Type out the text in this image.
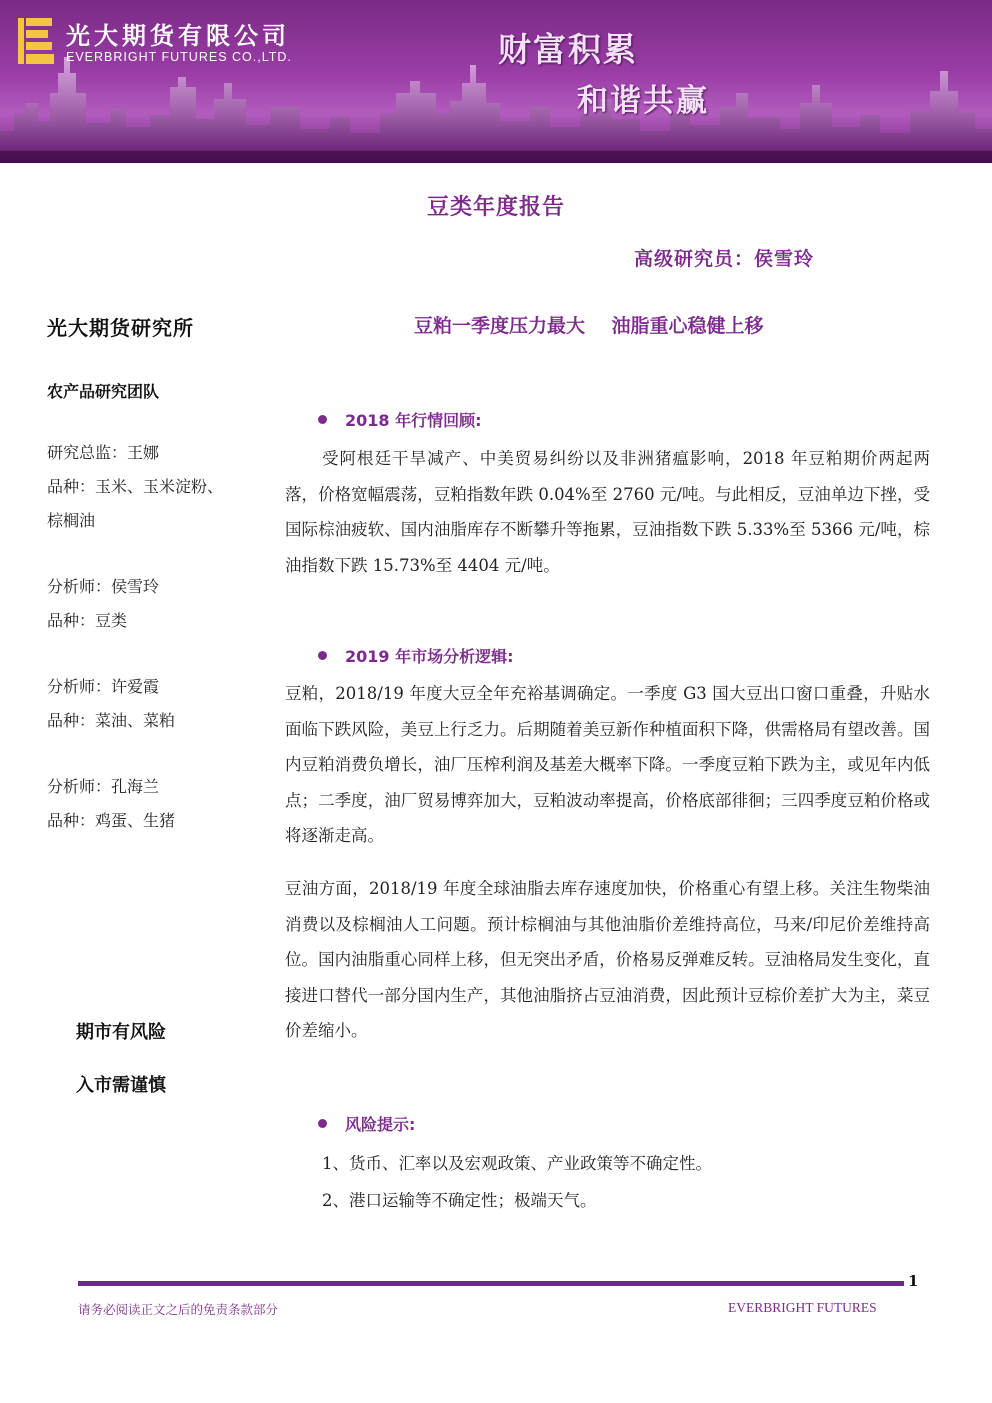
光大期货有限公司
EVERBRIGHT FUTURES CO.,LTD.	财富积累
和谐共赢
豆类年度报告
高级研究员：侯雪玲
豆粕一季度压力最大    油脂重心稳健上移
光大期货研究所
农产品研究团队
研究总监：王娜
品种：玉米、玉米淀粉、
棕榈油
分析师：侯雪玲
品种：豆类
分析师：许爱霞
品种：菜油、菜粕
分析师：孔海兰
品种：鸡蛋、生猪
期市有风险
入市需谨慎
2018 年行情回顾:

受阿根廷干旱减产、中美贸易纠纷以及非洲猪瘟影响，2018 年豆粕期价两起两落，价格宽幅震荡，豆粕指数年跌 0.04%至 2760 元/吨。与此相反，豆油单边下挫，受国际棕油疲软、国内油脂库存不断攀升等拖累，豆油指数下跌 5.33%至 5366 元/吨，棕油指数下跌 15.73%至 4404 元/吨。

2019 年市场分析逻辑:

豆粕，2018/19 年度大豆全年充裕基调确定。一季度 G3 国大豆出口窗口重叠，升贴水面临下跌风险，美豆上行乏力。后期随着美豆新作种植面积下降，供需格局有望改善。国内豆粕消费负增长，油厂压榨利润及基差大概率下降。一季度豆粕下跌为主，或见年内低点；二季度，油厂贸易博弈加大，豆粕波动率提高，价格底部徘徊；三四季度豆粕价格或将逐渐走高。

豆油方面，2018/19 年度全球油脂去库存速度加快，价格重心有望上移。关注生物柴油消费以及棕榈油人工问题。预计棕榈油与其他油脂价差维持高位，马来/印尼价差维持高位。国内油脂重心同样上移，但无突出矛盾，价格易反弹难反转。豆油格局发生变化，直接进口替代一部分国内生产，其他油脂挤占豆油消费，因此预计豆棕价差扩大为主，菜豆价差缩小。

风险提示:
1、货币、汇率以及宏观政策、产业政策等不确定性。
2、港口运输等不确定性；极端天气。
1
请务必阅读正文之后的免责条款部分	EVERBRIGHT FUTURES
